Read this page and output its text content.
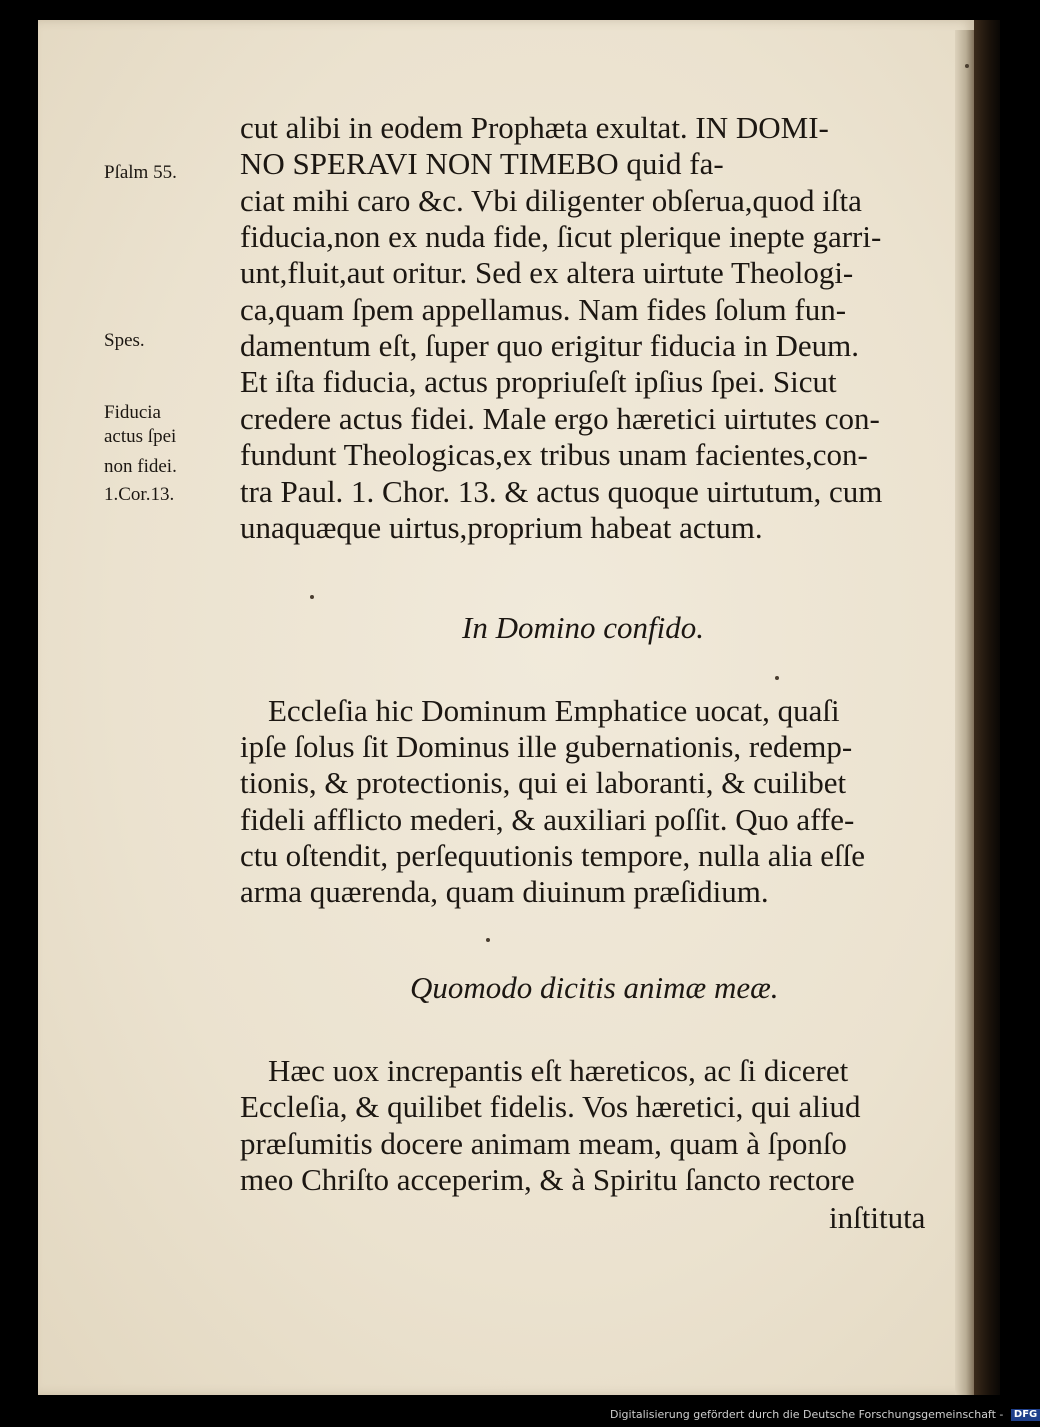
Pſalm 55.
Spes.
Fiducia
actus ſpei
non fidei.
1.Cor.13.
cut alibi in eodem Prophæta exultat. IN DOMI-
NO SPERAVI NON TIMEBO quid fa-
ciat mihi caro &c. Vbi diligenter obſerua,quod iſta
fiducia,non ex nuda fide, ſicut plerique inepte garri-
unt,fluit,aut oritur. Sed ex altera uirtute Theologi-
ca,quam ſpem appellamus. Nam fides ſolum fun-
damentum eſt, ſuper quo erigitur fiducia in Deum.
Et iſta fiducia, actus propriuſeſt ipſius ſpei. Sicut
credere actus fidei. Male ergo hæretici uirtutes con-
fundunt Theologicas,ex tribus unam facientes,con-
tra Paul. 1. Chor. 13. & actus quoque uirtutum, cum
unaquæque uirtus,proprium habeat actum.
In Domino confido.
Eccleſia hic Dominum Emphatice uocat, quaſi
ipſe ſolus ſit Dominus ille gubernationis, redemp-
tionis, & protectionis, qui ei laboranti, & cuilibet
fideli afflicto mederi, & auxiliari poſſit. Quo affe-
ctu oſtendit, perſequutionis tempore, nulla alia eſſe
arma quærenda, quam diuinum præſidium.
Quomodo dicitis animæ meæ.
Hæc uox increpantis eſt hæreticos, ac ſi diceret
Eccleſia, & quilibet fidelis. Vos hæretici, qui aliud
præſumitis docere animam meam, quam à ſponſo
meo Chriſto acceperim, & à Spiritu ſancto rectore
inſtituta
Digitalisierung gefördert durch die Deutsche Forschungsgemeinschaft - DFG
